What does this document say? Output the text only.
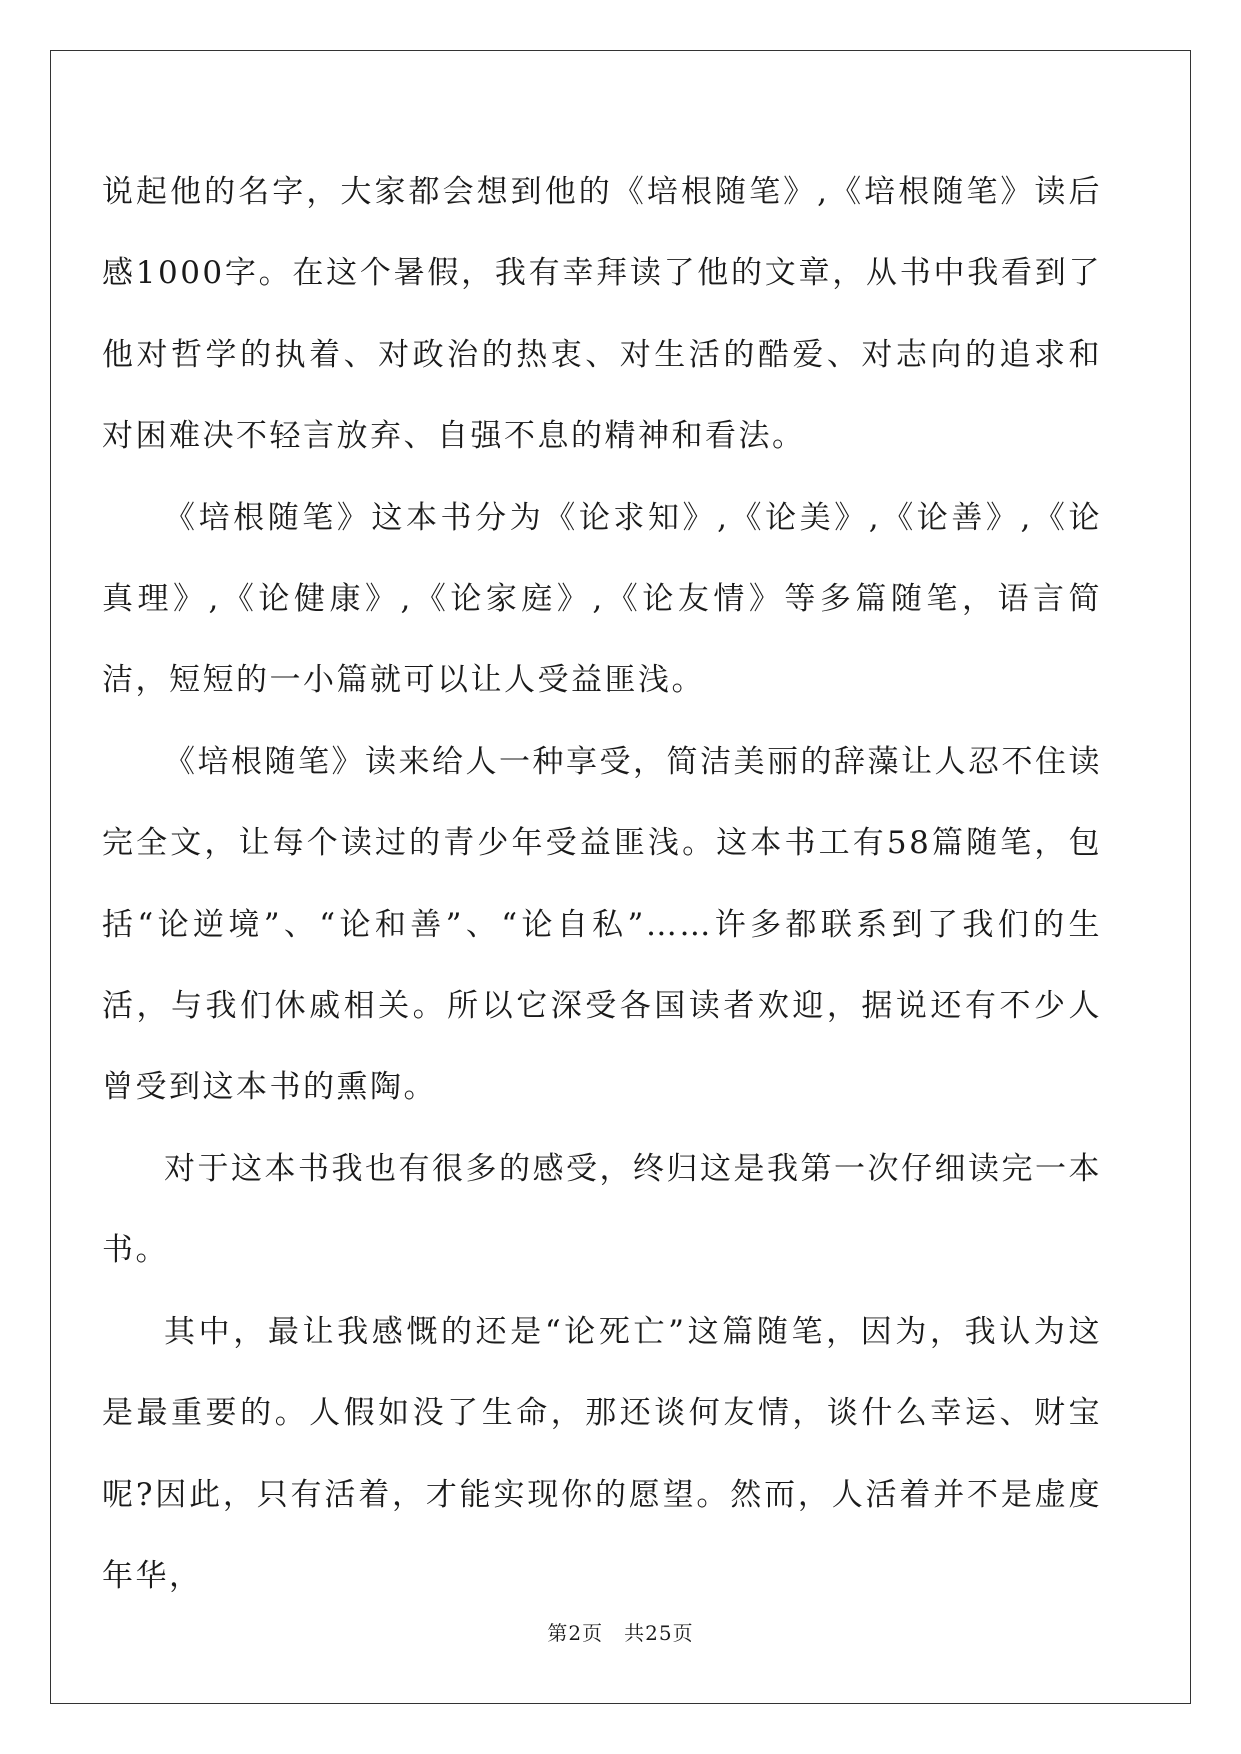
说起他的名字，大家都会想到他的《培根随笔》,《培根随笔》读后感1000字。在这个暑假，我有幸拜读了他的文章，从书中我看到了他对哲学的执着、对政治的热衷、对生活的酷爱、对志向的追求和对困难决不轻言放弃、自强不息的精神和看法。

《培根随笔》这本书分为《论求知》,《论美》,《论善》,《论真理》,《论健康》,《论家庭》,《论友情》等多篇随笔，语言简洁，短短的一小篇就可以让人受益匪浅。

《培根随笔》读来给人一种享受，简洁美丽的辞藻让人忍不住读完全文，让每个读过的青少年受益匪浅。这本书工有58篇随笔，包括“论逆境”、“论和善”、“论自私”……许多都联系到了我们的生活，与我们休戚相关。所以它深受各国读者欢迎，据说还有不少人曾受到这本书的熏陶。

对于这本书我也有很多的感受，终归这是我第一次仔细读完一本书。

其中，最让我感慨的还是“论死亡”这篇随笔，因为，我认为这是最重要的。人假如没了生命，那还谈何友情，谈什么幸运、财宝呢?因此，只有活着，才能实现你的愿望。然而，人活着并不是虚度年华，

第2页　共25页
